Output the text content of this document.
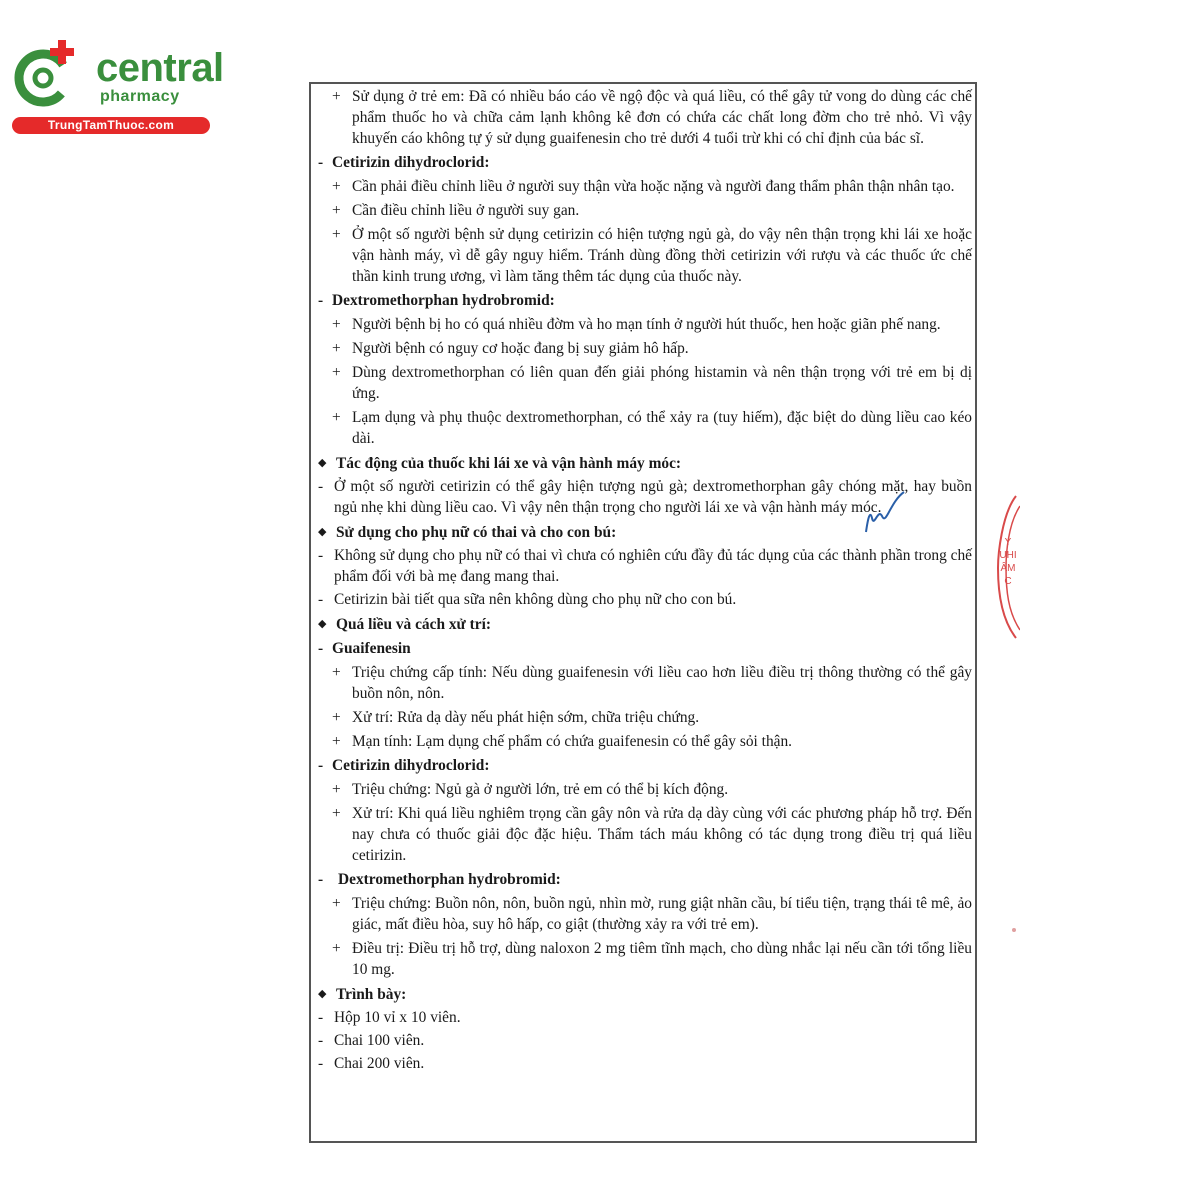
central
pharmacy
TrungTamThuoc.com
+ Sử dụng ở trẻ em: Đã có nhiều báo cáo về ngộ độc và quá liều, có thể gây tử vong do dùng các chế phẩm thuốc ho và chữa cảm lạnh không kê đơn có chứa các chất long đờm cho trẻ nhỏ. Vì vậy khuyến cáo không tự ý sử dụng guaifenesin cho trẻ dưới 4 tuổi trừ khi có chỉ định của bác sĩ.
- Cetirizin dihydroclorid:
+ Cần phải điều chỉnh liều ở người suy thận vừa hoặc nặng và người đang thẩm phân thận nhân tạo.
+ Cần điều chỉnh liều ở người suy gan.
+ Ở một số người bệnh sử dụng cetirizin có hiện tượng ngủ gà, do vậy nên thận trọng khi lái xe hoặc vận hành máy, vì dễ gây nguy hiểm. Tránh dùng đồng thời cetirizin với rượu và các thuốc ức chế thần kinh trung ương, vì làm tăng thêm tác dụng của thuốc này.
- Dextromethorphan hydrobromid:
+ Người bệnh bị ho có quá nhiều đờm và ho mạn tính ở người hút thuốc, hen hoặc giãn phế nang.
+ Người bệnh có nguy cơ hoặc đang bị suy giảm hô hấp.
+ Dùng dextromethorphan có liên quan đến giải phóng histamin và nên thận trọng với trẻ em bị dị ứng.
+ Lạm dụng và phụ thuộc dextromethorphan, có thể xảy ra (tuy hiếm), đặc biệt do dùng liều cao kéo dài.
◆ Tác động của thuốc khi lái xe và vận hành máy móc:
- Ở một số người cetirizin có thể gây hiện tượng ngủ gà; dextromethorphan gây chóng mặt, hay buồn ngủ nhẹ khi dùng liều cao. Vì vậy nên thận trọng cho người lái xe và vận hành máy móc.
◆ Sử dụng cho phụ nữ có thai và cho con bú:
- Không sử dụng cho phụ nữ có thai vì chưa có nghiên cứu đầy đủ tác dụng của các thành phần trong chế phẩm đối với bà mẹ đang mang thai.
- Cetirizin bài tiết qua sữa nên không dùng cho phụ nữ cho con bú.
◆ Quá liều và cách xử trí:
- Guaifenesin
+ Triệu chứng cấp tính: Nếu dùng guaifenesin với liều cao hơn liều điều trị thông thường có thể gây buồn nôn, nôn.
+ Xử trí: Rửa dạ dày nếu phát hiện sớm, chữa triệu chứng.
+ Mạn tính: Lạm dụng chế phẩm có chứa guaifenesin có thể gây sỏi thận.
- Cetirizin dihydroclorid:
+ Triệu chứng: Ngủ gà ở người lớn, trẻ em có thể bị kích động.
+ Xử trí: Khi quá liều nghiêm trọng cần gây nôn và rửa dạ dày cùng với các phương pháp hỗ trợ. Đến nay chưa có thuốc giải độc đặc hiệu. Thẩm tách máu không có tác dụng trong điều trị quá liều cetirizin.
- Dextromethorphan hydrobromid:
+ Triệu chứng: Buồn nôn, nôn, buồn ngủ, nhìn mờ, rung giật nhãn cầu, bí tiểu tiện, trạng thái tê mê, ảo giác, mất điều hòa, suy hô hấp, co giật (thường xảy ra với trẻ em).
+ Điều trị: Điều trị hỗ trợ, dùng naloxon 2 mg tiêm tĩnh mạch, cho dùng nhắc lại nếu cần tới tổng liều 10 mg.
◆ Trình bày:
- Hộp 10 vỉ x 10 viên.
- Chai 100 viên.
- Chai 200 viên.
Y
UHI
ÂM
C
